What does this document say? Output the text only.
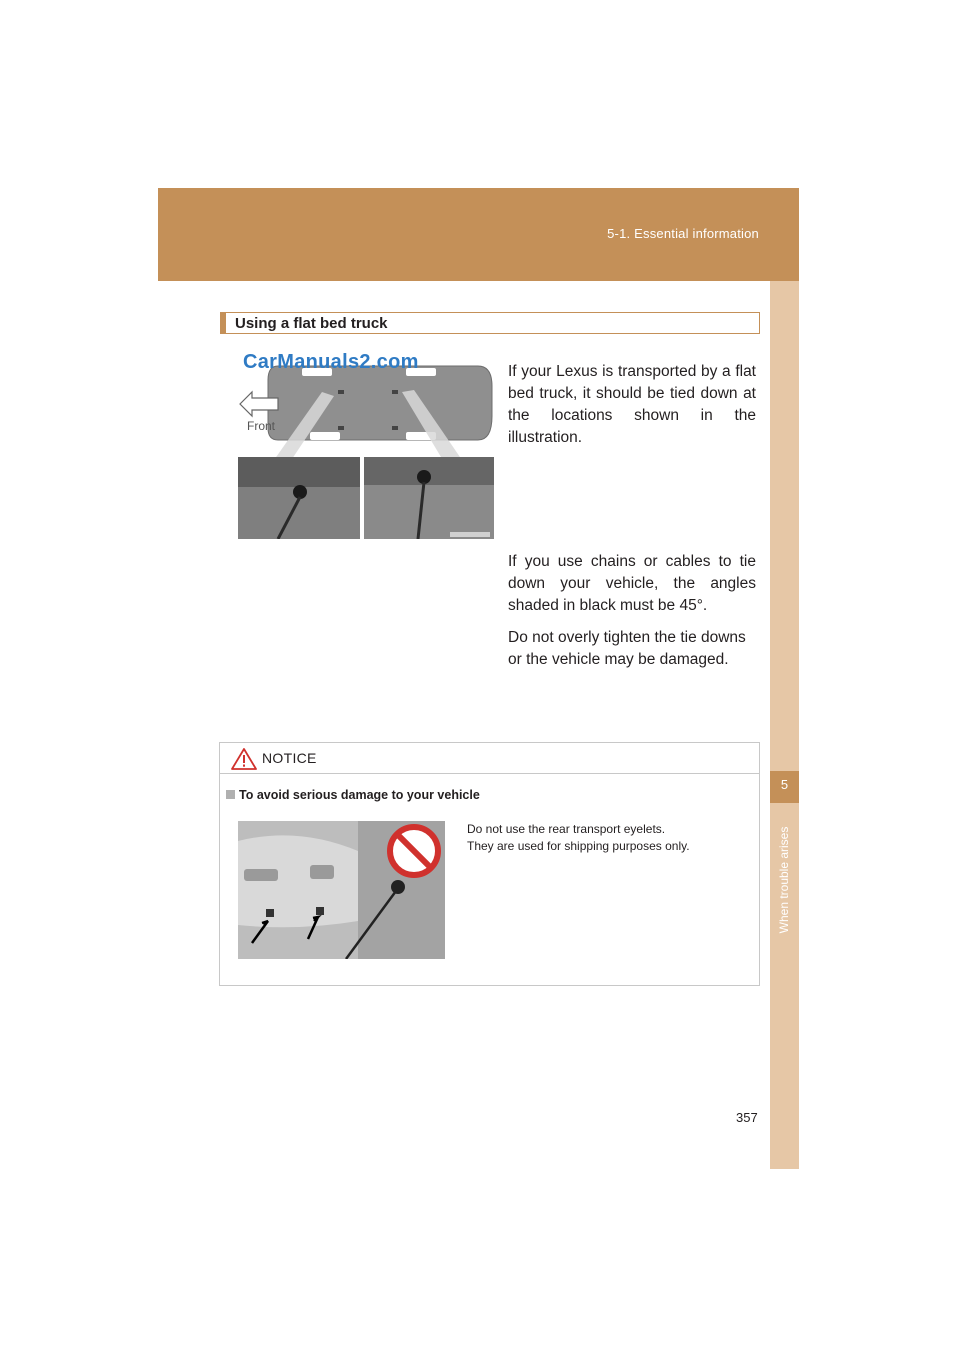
5-1. Essential information
5
When trouble arises
Using a flat bed truck
CarManuals2.com
Front
If your Lexus is transported by a flat bed truck, it should be tied down at the locations shown in the illustration.
If you use chains or cables to tie down your vehicle, the angles shaded in black must be 45°.
Do not overly tighten the tie downs or the vehicle may be damaged.
NOTICE
To avoid serious damage to your vehicle
Do not use the rear transport eyelets.
They are used for shipping purposes only.
357
